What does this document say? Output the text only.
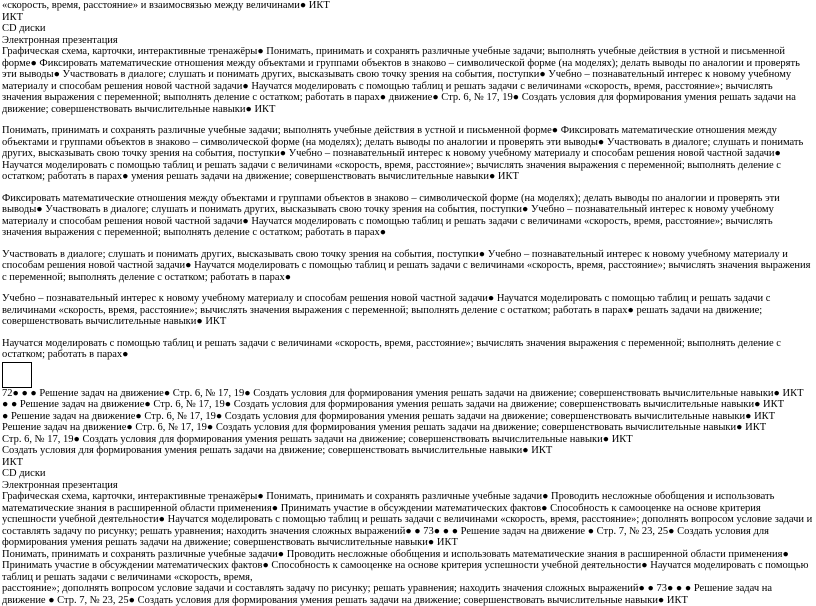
«скорость, время, расстояние» и взаимосвязью между величинами● ИКТ

ИКТ

CD диски

Электронная презентация

Графическая схема, карточки, интерактивные тренажёры● Понимать, принимать и сохранять различные учебные задачи; выполнять учебные действия в устной и письменной форме● Фиксировать математические отношения между объектами и группами объектов в знаково – символической форме (на моделях); делать выводы по аналогии и проверять эти выводы● Участвовать в диалоге; слушать и понимать других, высказывать свою точку зрения на события, поступки● Учебно – познавательный интерес к новому учебному материалу и способам решения новой частной задачи● Научатся моделировать с помощью таблиц и решать задачи с величинами «скорость, время, расстояние»; вычислять значения выражения с переменной; выполнять деление с остатком; работать в парах● движение● Стр. 6, № 17, 19● Создать условия для формирования умения решать задачи на движение; совершенствовать вычислительные навыки● ИКТ

Понимать, принимать и сохранять различные учебные задачи; выполнять учебные действия в устной и письменной форме● Фиксировать математические отношения между объектами и группами объектов в знаково – символической форме (на моделях); делать выводы по аналогии и проверять эти выводы● Участвовать в диалоге; слушать и понимать других, высказывать свою точку зрения на события, поступки● Учебно – познавательный интерес к новому учебному материалу и способам решения новой частной задачи● Научатся моделировать с помощью таблиц и решать задачи с величинами «скорость, время, расстояние»; вычислять значения выражения с переменной; выполнять деление с остатком; работать в парах● умения решать задачи на движение; совершенствовать вычислительные навыки● ИКТ

Фиксировать математические отношения между объектами и группами объектов в знаково – символической форме (на моделях); делать выводы по аналогии и проверять эти выводы● Участвовать в диалоге; слушать и понимать других, высказывать свою точку зрения на события, поступки● Учебно – познавательный интерес к новому учебному материалу и способам решения новой частной задачи● Научатся моделировать с помощью таблиц и решать задачи с величинами «скорость, время, расстояние»; вычислять значения выражения с переменной; выполнять деление с остатком; работать в парах●

Участвовать в диалоге; слушать и понимать других, высказывать свою точку зрения на события, поступки● Учебно – познавательный интерес к новому учебному материалу и способам решения новой частной задачи● Научатся моделировать с помощью таблиц и решать задачи с величинами «скорость, время, расстояние»; вычислять значения выражения с переменной; выполнять деление с остатком; работать в парах●

Учебно – познавательный интерес к новому учебному материалу и способам решения новой частной задачи● Научатся моделировать с помощью таблиц и решать задачи с величинами «скорость, время, расстояние»; вычислять значения выражения с переменной; выполнять деление с остатком; работать в парах● решать задачи на движение; совершенствовать вычислительные навыки● ИКТ

Научатся моделировать с помощью таблиц и решать задачи с величинами «скорость, время, расстояние»; вычислять значения выражения с переменной; выполнять деление с остатком; работать в парах●

72● ● ● Решение задач на движение● Стр. 6, № 17, 19● Создать условия для формирования умения решать задачи на движение; совершенствовать вычислительные навыки● ИКТ

● ● Решение задач на движение● Стр. 6, № 17, 19● Создать условия для формирования умения решать задачи на движение; совершенствовать вычислительные навыки● ИКТ

● Решение задач на движение● Стр. 6, № 17, 19● Создать условия для формирования умения решать задачи на движение; совершенствовать вычислительные навыки● ИКТ

Решение задач на движение● Стр. 6, № 17, 19● Создать условия для формирования умения решать задачи на движение; совершенствовать вычислительные навыки● ИКТ

Стр. 6, № 17, 19● Создать условия для формирования умения решать задачи на движение; совершенствовать вычислительные навыки● ИКТ

Создать условия для формирования умения решать задачи на движение; совершенствовать вычислительные навыки● ИКТ

ИКТ

CD диски

Электронная презентация

Графическая схема, карточки, интерактивные тренажёры● Понимать, принимать и сохранять различные учебные задачи● Проводить несложные обобщения и использовать математические знания в расширенной области применения● Принимать участие в обсуждении математических фактов● Способность к самооценке на основе критерия успешности учебной деятельности● Научатся моделировать с помощью таблиц и решать задачи с величинами «скорость, время, расстояние»; дополнять вопросом условие задачи и составлять задачу по рисунку; решать уравнения; находить значения сложных выражений● ● 73● ● ● Решение задач на движение ● Стр. 7, № 23, 25● Создать условия для формирования умения решать задачи на движение; совершенствовать вычислительные навыки● ИКТ

Понимать, принимать и сохранять различные учебные задачи● Проводить несложные обобщения и использовать математические знания в расширенной области применения● Принимать участие в обсуждении математических фактов● Способность к самооценке на основе критерия успешности учебной деятельности● Научатся моделировать с помощью таблиц и решать задачи с величинами «скорость, время,

расстояние»; дополнять вопросом условие задачи и составлять задачу по рисунку; решать уравнения; находить значения сложных выражений● ● 73● ● ● Решение задач на движение ● Стр. 7, № 23, 25● Создать условия для формирования умения решать задачи на движение; совершенствовать вычислительные навыки● ИКТ
